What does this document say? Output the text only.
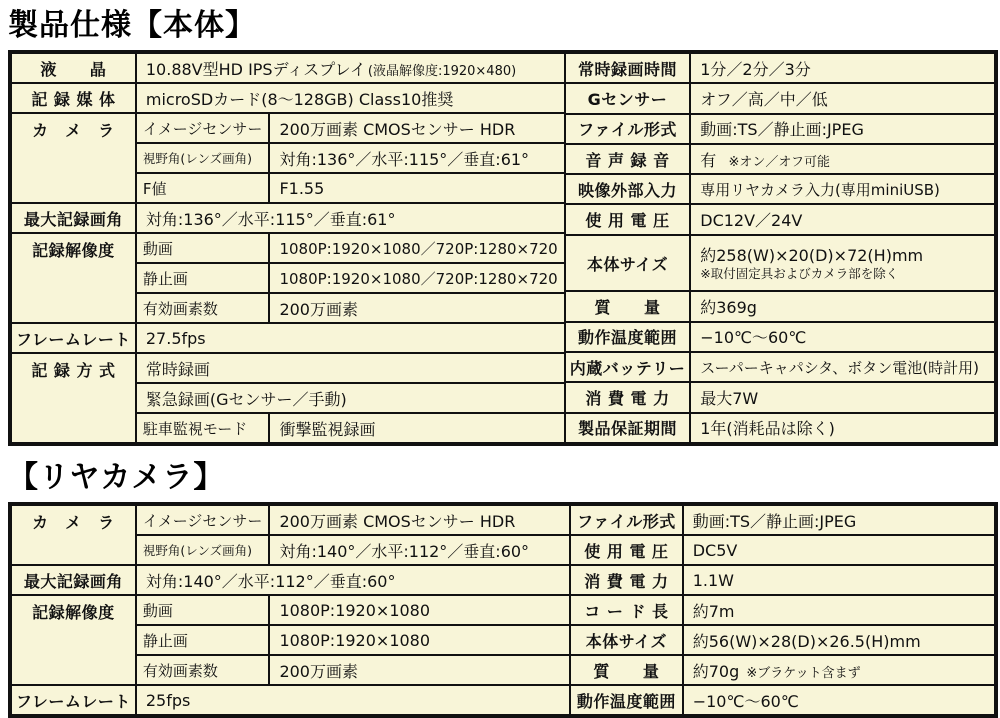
製品仕様【本体】
液　　晶	10.88V型HD IPSディスプレイ (液晶解像度:1920×480)	
記 録 媒 体	microSDカード(8〜128GB) Class10推奨	
カ　メ　ラ	イメージセンサー	200万画素 CMOSセンサー HDR
	視野角(レンズ画角)	対角:136°／水平:115°／垂直:61°
	F値	F1.55
最大記録画角	対角:136°／水平:115°／垂直:61°	
記録解像度	動画	1080P:1920×1080／720P:1280×720
	静止画	1080P:1920×1080／720P:1280×720
	有効画素数	200万画素
フレームレート	27.5fps	
記 録 方 式	常時録画	
	緊急録画(Gセンサー／手動)	
	駐車監視モード	衝撃監視録画
常時録画時間	1分／2分／3分
Gセンサー	オフ／高／中／低
ファイル形式	動画:TS／静止画:JPEG
音 声 録 音	有 ※オン／オフ可能
映像外部入力	専用リヤカメラ入力(専用miniUSB)
使 用 電 圧	DC12V／24V
本体サイズ	約258(W)×20(D)×72(H)mm
※取付固定具およびカメラ部を除く

質　　量	約369g
動作温度範囲	−10℃〜60℃
内蔵バッテリー	スーパーキャパシタ、ボタン電池(時計用)
消 費 電 力	最大7W
製品保証期間	1年(消耗品は除く)
【リヤカメラ】
カ　メ　ラ	イメージセンサー	200万画素 CMOSセンサー HDR
	視野角(レンズ画角)	対角:140°／水平:112°／垂直:60°
最大記録画角	対角:140°／水平:112°／垂直:60°	
記録解像度	動画	1080P:1920×1080
	静止画	1080P:1920×1080
	有効画素数	200万画素
フレームレート	25fps	
ファイル形式	動画:TS／静止画:JPEG
使 用 電 圧	DC5V
消 費 電 力	1.1W
コ ー ド 長	約7m
本体サイズ	約56(W)×28(D)×26.5(H)mm
質　　量	約70g ※ブラケット含まず
動作温度範囲	−10℃〜60℃
